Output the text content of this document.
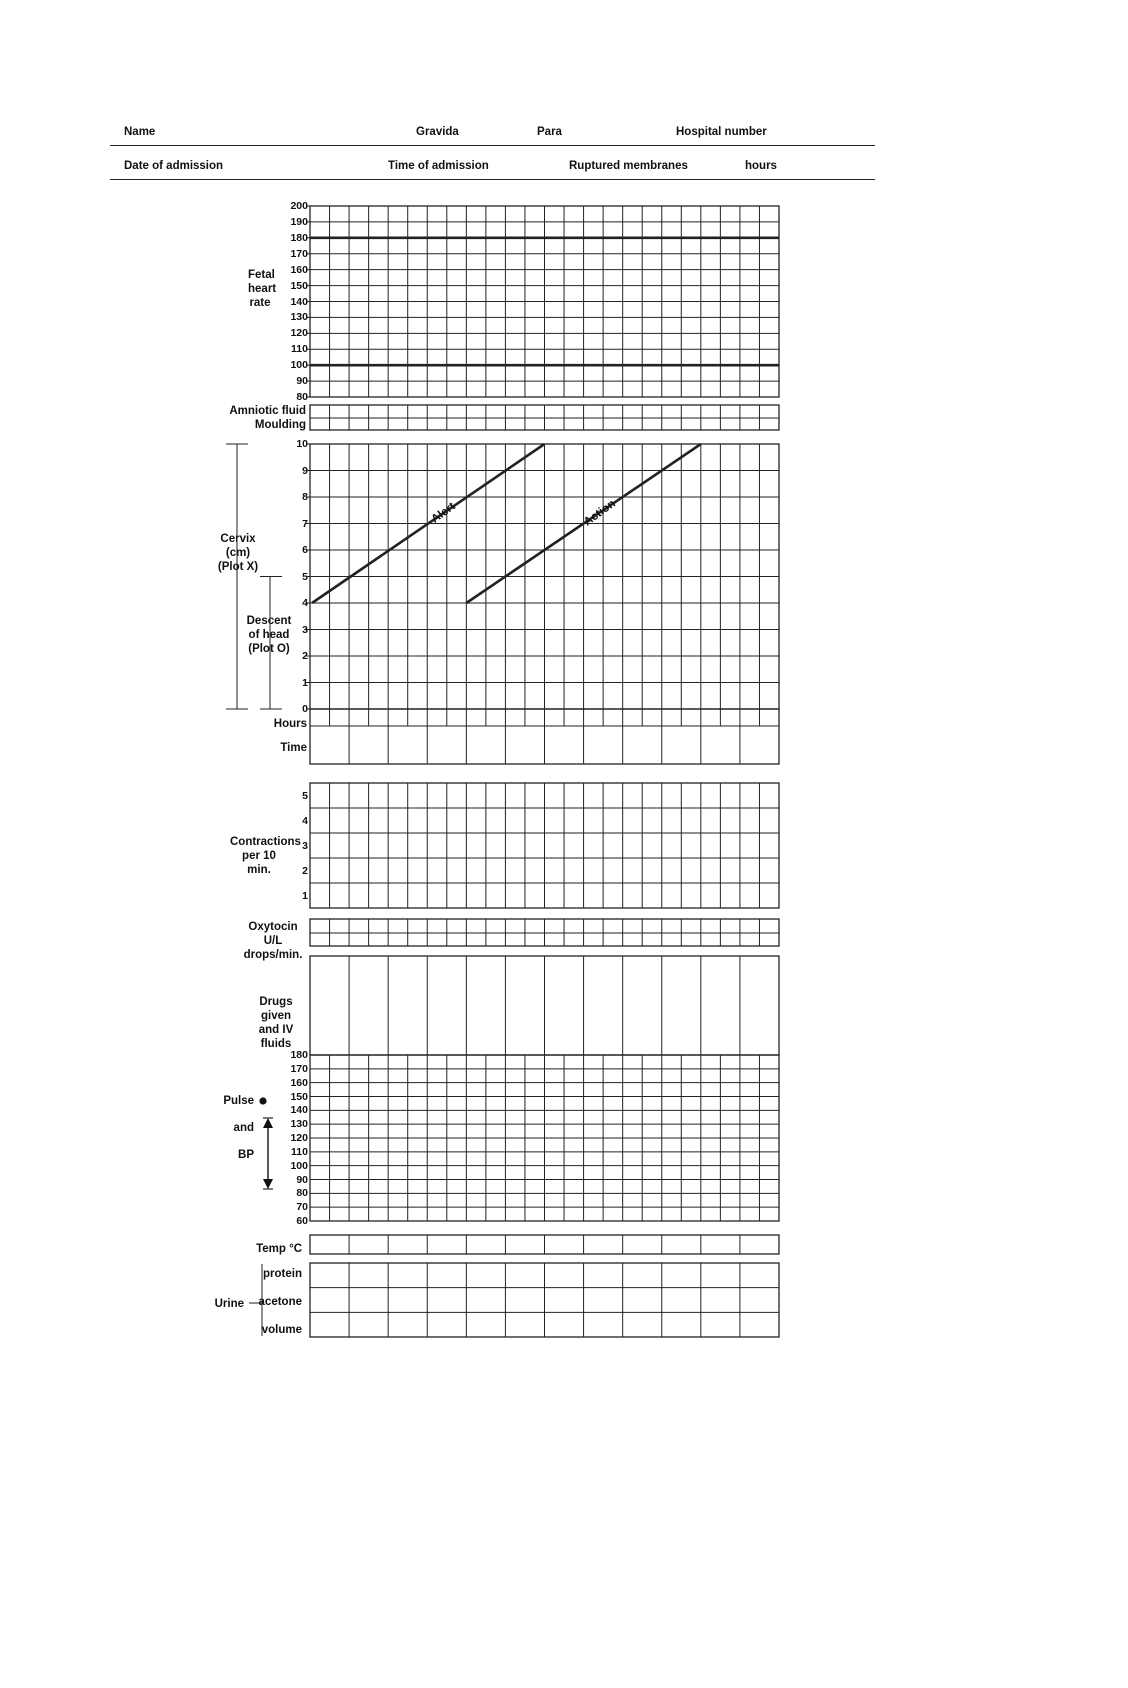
Name	Gravida	Para	Hospital number
Date of admission	Time of admission	Ruptured membranes	hours
Fetal
heart
rate
200
190
180
170
160
150
140
130
120
110
100
90
80
Amniotic fluid
Moulding
Cervix (cm)
(Plot X)
Descent
of head
(Plot O)
10
9
8
7
6
5
4
3
2
1
0
Hours
Time
Contractions
per 10 min.
5
4
3
2
1
Oxytocin U/L
drops/min.
Drugs given
and IV fluids
180
170
160
150
140
130
120
110
100
90
80
70
60
Pulse
and
BP
Temp °C
Urine
protein
acetone
volume
Alert	Action
